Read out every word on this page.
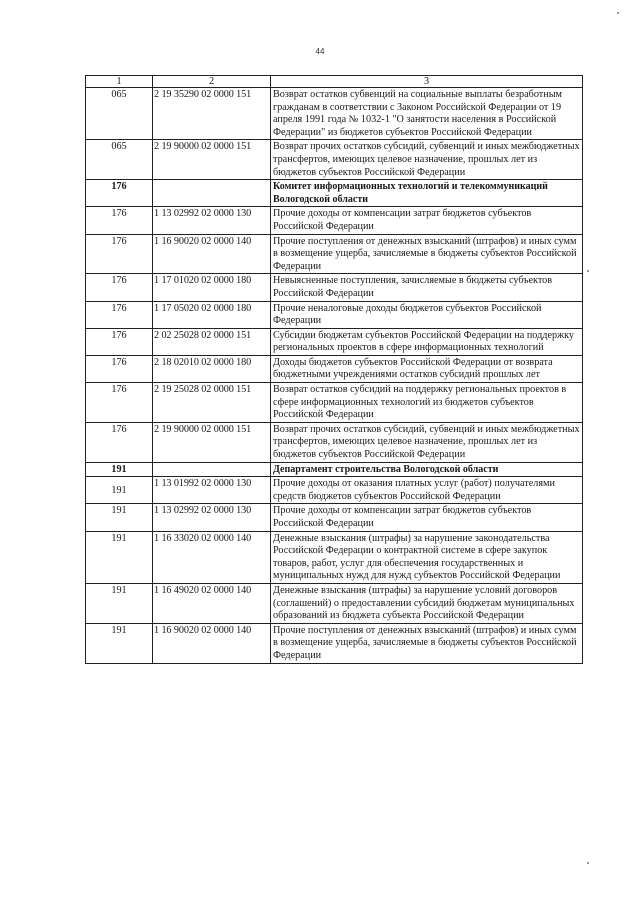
44
1	2	3
065	2 19 35290 02 0000 151	Возврат остатков субвенций на социальные выплаты безработным гражданам в соответствии с Законом Российской Федерации от 19 апреля 1991 года № 1032-1 "О занятости населения в Российской Федерации" из бюджетов субъектов Российской Федерации
065	2 19 90000 02 0000 151	Возврат прочих остатков субсидий, субвенций и иных межбюджетных трансфертов, имеющих целевое назначение, прошлых лет из бюджетов субъектов Российской Федерации
176		Комитет информационных технологий и телекоммуникаций Вологодской области
176	1 13 02992 02 0000 130	Прочие доходы от компенсации затрат бюджетов субъектов Российской Федерации
176	1 16 90020 02 0000 140	Прочие поступления от денежных взысканий (штрафов) и иных сумм в возмещение ущерба, зачисляемые в бюджеты субъектов Российской Федерации
176	1 17 01020 02 0000 180	Невыясненные поступления, зачисляемые в бюджеты субъектов Российской Федерации
176	1 17 05020 02 0000 180	Прочие неналоговые доходы бюджетов субъектов Российской Федерации
176	2 02 25028 02 0000 151	Субсидии бюджетам субъектов Российской Федерации на поддержку региональных проектов в сфере информационных технологий
176	2 18 02010 02 0000 180	Доходы бюджетов субъектов Российской Федерации от возврата бюджетными учреждениями остатков субсидий прошлых лет
176	2 19 25028 02 0000 151	Возврат остатков субсидий на поддержку региональных проектов в сфере информационных технологий из бюджетов субъектов Российской Федерации
176	2 19 90000 02 0000 151	Возврат прочих остатков субсидий, субвенций и иных межбюджетных трансфертов, имеющих целевое назначение, прошлых лет из бюджетов субъектов Российской Федерации
191		Департамент строительства Вологодской области
191	1 13 01992 02 0000 130	Прочие доходы от оказания платных услуг (работ) получателями средств бюджетов субъектов Российской Федерации
191	1 13 02992 02 0000 130	Прочие доходы от компенсации затрат бюджетов субъектов Российской Федерации
191	1 16 33020 02 0000 140	Денежные взыскания (штрафы) за нарушение законодательства Российской Федерации о контрактной системе в сфере закупок товаров, работ, услуг для обеспечения государственных и муниципальных нужд для нужд субъектов Российской Федерации
191	1 16 49020 02 0000 140	Денежные взыскания (штрафы) за нарушение условий договоров (соглашений) о предоставлении субсидий бюджетам муниципальных образований из бюджета субъекта Российской Федерации
191	1 16 90020 02 0000 140	Прочие поступления от денежных взысканий (штрафов) и иных сумм в возмещение ущерба, зачисляемые в бюджеты субъектов Российской Федерации
